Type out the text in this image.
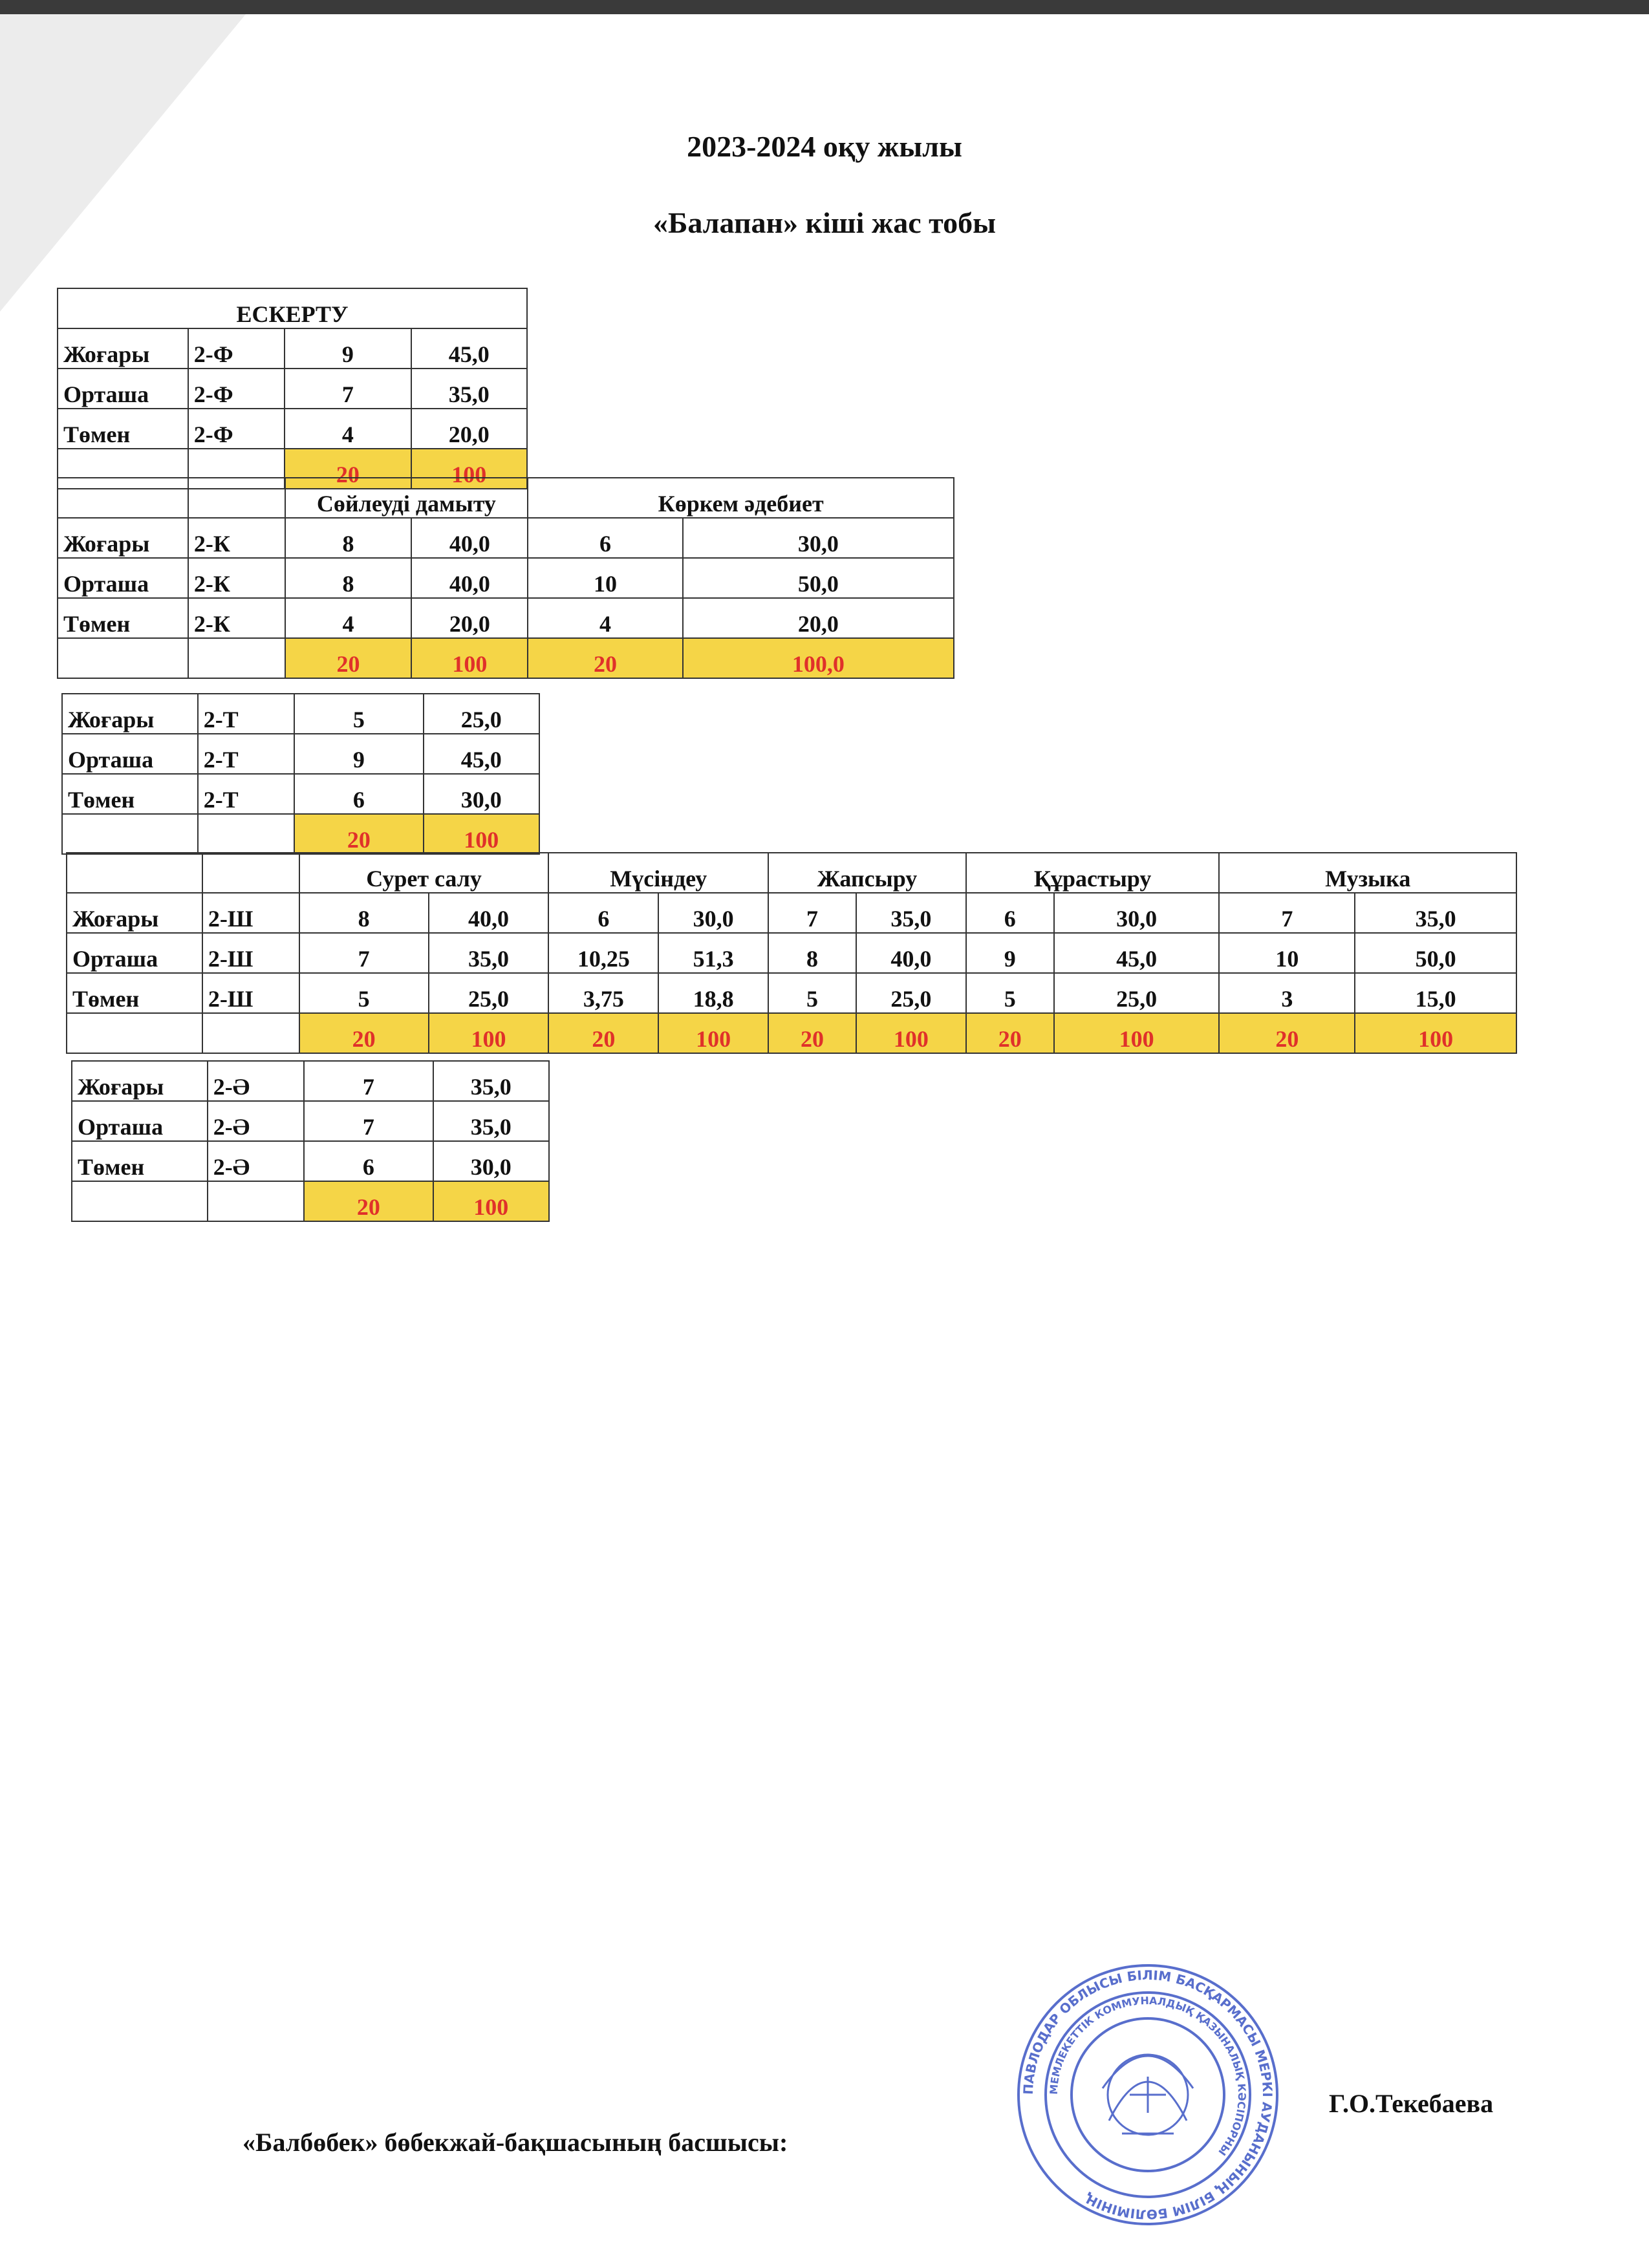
2023-2024 оқу жылы
«Балапан» кіші жас тобы
ЕСКЕРТУ			
Жоғары	2-Ф	9	45,0
Орташа	2-Ф	7	35,0
Төмен	2-Ф	4	20,0
		20	100
		Сөйлеуді дамыту		Көркем әдебиет	
Жоғары	2-К	8	40,0	6	30,0
Орташа	2-К	8	40,0	10	50,0
Төмен	2-К	4	20,0	4	20,0
		20	100	20	100,0
Жоғары	2-Т	5	25,0
Орташа	2-Т	9	45,0
Төмен	2-Т	6	30,0
		20	100
		Сурет салу		Мүсіндеу		Жапсыру		Құрастыру		Музыка	
Жоғары	2-Ш	8	40,0	6	30,0	7	35,0	6	30,0	7	35,0
Орташа	2-Ш	7	35,0	10,25	51,3	8	40,0	9	45,0	10	50,0
Төмен	2-Ш	5	25,0	3,75	18,8	5	25,0	5	25,0	3	15,0
		20	100	20	100	20	100	20	100	20	100
Жоғары	2-Ә	7	35,0
Орташа	2-Ә	7	35,0
Төмен	2-Ә	6	30,0
		20	100
«Балбөбек» бөбекжай-бақшасының басшысы:
Г.О.Текебаева
ПАВЛОДАР ОБЛЫСЫ БІЛІМ БАСҚАРМАСЫ МЕРКІ АУДАНЫНЫҢ БІЛІМ БӨЛІМІНІҢ
МЕМЛЕКЕТТІК КОММУНАЛДЫҚ ҚАЗЫНАЛЫҚ КӘСІПОРНЫ
